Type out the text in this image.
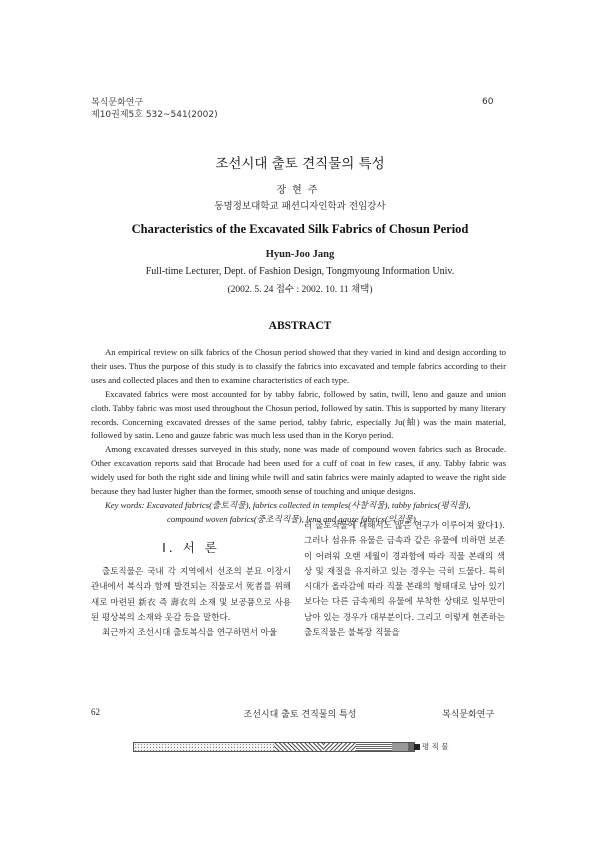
복식문화연구
제10권제5호 532~541(2002)
60
조선시대 출토 견직물의 특성
장현주
동명정보대학교 패션디자인학과 전임강사
Characteristics of the Excavated Silk Fabrics of Chosun Period
Hyun-Joo Jang
Full-time Lecturer, Dept. of Fashion Design, Tongmyoung Information Univ.
(2002. 5. 24 접수 : 2002. 10. 11 채택)
ABSTRACT

An empirical review on silk fabrics of the Chosun period showed that they varied in kind and design according to their uses. Thus the purpose of this study is to classify the fabrics into excavated and temple fabrics according to their uses and collected places and then to examine characteristics of each type.

Excavated fabrics were most accounted for by tabby fabric, followed by satin, twill, leno and gauze and union cloth. Tabby fabric was most used throughout the Chosun period, followed by satin. This is supported by many literary records. Concerning excavated dresses of the same period, tabby fabric, especially Ju(紬) was the main material, followed by satin. Leno and gauze fabric was much less used than in the Koryo period.

Among excavated dresses surveyed in this study, none was made of compound woven fabrics such as Brocade. Other excavation reports said that Brocade had been used for a cuff of coat in few cases, if any. Tabby fabric was widely used for both the right side and lining while twill and satin fabrics were mainly adapted to weave the right side because they had luster higher than the former, smooth sense of touching and unique designs.

Key words: Excavated fabrics(출토직물), fabrics collected in temples(사찰직물), tabby fabrics(평직물),

compound woven fabrics(중조직직물), leno and gauze fabrics(익직물).

I. 서 론

출토직물은 국내 각 지역에서 선조의 분묘 이장시 관내에서 복식과 함께 발견되는 직물로서 死者를 위해 새로 마련된 新衣 즉 壽衣의 소재 및 보공품으로 사용된 평상복의 소재와 옷감 등을 말한다.

최근까지 조선시대 출토복식을 연구하면서 아울

러 출토직물에 대해서도 많은 연구가 이루어져 왔다1). 그러나 섬유류 유물은 금속과 같은 유물에 비하면 보존이 어려워 오랜 세월이 경과함에 따라 직물 본래의 색상 및 재질을 유지하고 있는 경우는 극히 드물다. 특히 시대가 올라감에 따라 직물 본래의 형태대로 남아 있기 보다는 다른 금속제의 유물에 부착한 상태로 일부만이 남아 있는 경우가 대부분이다. 그리고 이렇게 현존하는 출토직물은 불복장 직물을

62	조선시대 출토 견직물의 특성	복식문화연구
평 직 물
